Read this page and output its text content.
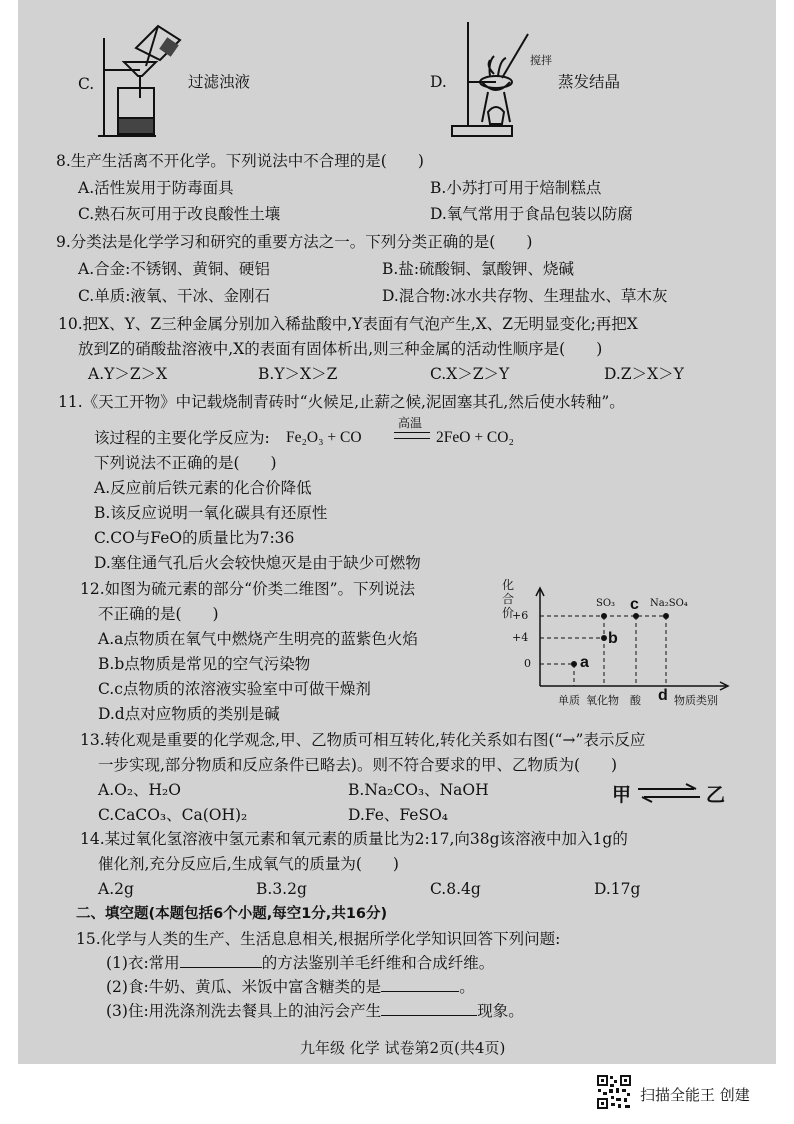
C.	过滤浊液	D.
搅拌
蒸发结晶
8.生产生活离不开化学。下列说法中不合理的是(　　)
A.活性炭用于防毒面具	B.小苏打可用于焙制糕点
C.熟石灰可用于改良酸性土壤	D.氧气常用于食品包装以防腐
9.分类法是化学学习和研究的重要方法之一。下列分类正确的是(　　)
A.合金:不锈钢、黄铜、硬铝	B.盐:硫酸铜、氯酸钾、烧碱
C.单质:液氧、干冰、金刚石	D.混合物:冰水共存物、生理盐水、草木灰
10.把X、Y、Z三种金属分别加入稀盐酸中,Y表面有气泡产生,X、Z无明显变化;再把X
放到Z的硝酸盐溶液中,X的表面有固体析出,则三种金属的活动性顺序是(　　)
A.Y＞Z＞X	B.Y＞X＞Z	C.X＞Z＞Y	D.Z＞X＞Y
11.《天工开物》中记载烧制青砖时“火候足,止薪之候,泥固塞其孔,然后使水转釉”。
该过程的主要化学反应为: Fe₂O₃ + CO
高温
2FeO + CO₂
下列说法不正确的是(　　)
A.反应前后铁元素的化合价降低
B.该反应说明一氧化碳具有还原性
C.CO与FeO的质量比为7:36
D.塞住通气孔后火会较快熄灭是由于缺少可燃物
12.如图为硫元素的部分“价类二维图”。下列说法
不正确的是(　　)
A.a点物质在氧气中燃烧产生明亮的蓝紫色火焰
B.b点物质是常见的空气污染物
C.c点物质的浓溶液实验室中可做干燥剂
D.d点对应物质的类别是碱
化合价
+6
+4
0
SO₃	Na₂SO₄
a
b
c
单质 氧化物 酸 d 物质类别
13.转化观是重要的化学观念,甲、乙物质可相互转化,转化关系如右图(“→”表示反应
一步实现,部分物质和反应条件已略去)。则不符合要求的甲、乙物质为(　　)
A.O₂、H₂O	B.Na₂CO₃、NaOH
C.CaCO₃、Ca(OH)₂	D.Fe、FeSO₄
甲	乙
14.某过氧化氢溶液中氢元素和氧元素的质量比为2:17,向38g该溶液中加入1g的
催化剂,充分反应后,生成氧气的质量为(　　)
A.2g	B.3.2g	C.8.4g	D.17g
二、填空题(本题包括6个小题,每空1分,共16分)
15.化学与人类的生产、生活息息相关,根据所学化学知识回答下列问题:
(1)衣:常用	的方法鉴别羊毛纤维和合成纤维。
(2)食:牛奶、黄瓜、米饭中富含糖类的是	。
(3)住:用洗涤剂洗去餐具上的油污会产生	现象。
九年级 化学 试卷第2页(共4页)
扫描全能王 创建
